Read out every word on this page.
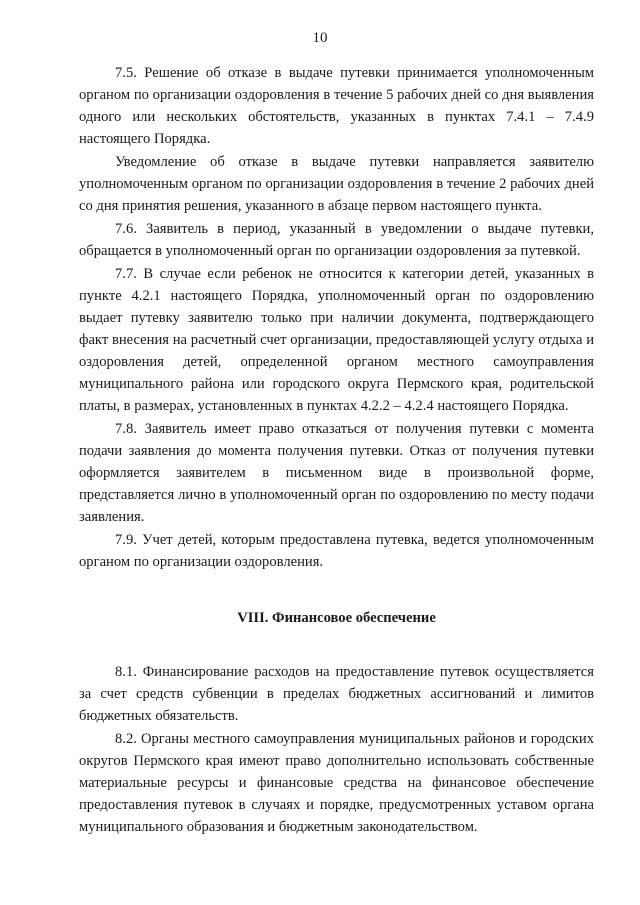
10

7.5. Решение об отказе в выдаче путевки принимается уполномоченным органом по организации оздоровления в течение 5 рабочих дней со дня выявления одного или нескольких обстоятельств, указанных в пунктах 7.4.1 – 7.4.9 настоящего Порядка.

Уведомление об отказе в выдаче путевки направляется заявителю уполномоченным органом по организации оздоровления в течение 2 рабочих дней со дня принятия решения, указанного в абзаце первом настоящего пункта.

7.6. Заявитель в период, указанный в уведомлении о выдаче путевки, обращается в уполномоченный орган по организации оздоровления за путевкой.

7.7. В случае если ребенок не относится к категории детей, указанных в пункте 4.2.1 настоящего Порядка, уполномоченный орган по оздоровлению выдает путевку заявителю только при наличии документа, подтверждающего факт внесения на расчетный счет организации, предоставляющей услугу отдыха и оздоровления детей, определенной органом местного самоуправления муниципального района или городского округа Пермского края, родительской платы, в размерах, установленных в пунктах 4.2.2 – 4.2.4 настоящего Порядка.

7.8. Заявитель имеет право отказаться от получения путевки с момента подачи заявления до момента получения путевки. Отказ от получения путевки оформляется заявителем в письменном виде в произвольной форме, представляется лично в уполномоченный орган по оздоровлению по месту подачи заявления.

7.9. Учет детей, которым предоставлена путевка, ведется уполномоченным органом по организации оздоровления.

VIII. Финансовое обеспечение

8.1. Финансирование расходов на предоставление путевок осуществляется за счет средств субвенции в пределах бюджетных ассигнований и лимитов бюджетных обязательств.

8.2. Органы местного самоуправления муниципальных районов и городских округов Пермского края имеют право дополнительно использовать собственные материальные ресурсы и финансовые средства на финансовое обеспечение предоставления путевок в случаях и порядке, предусмотренных уставом органа муниципального образования и бюджетным законодательством.
